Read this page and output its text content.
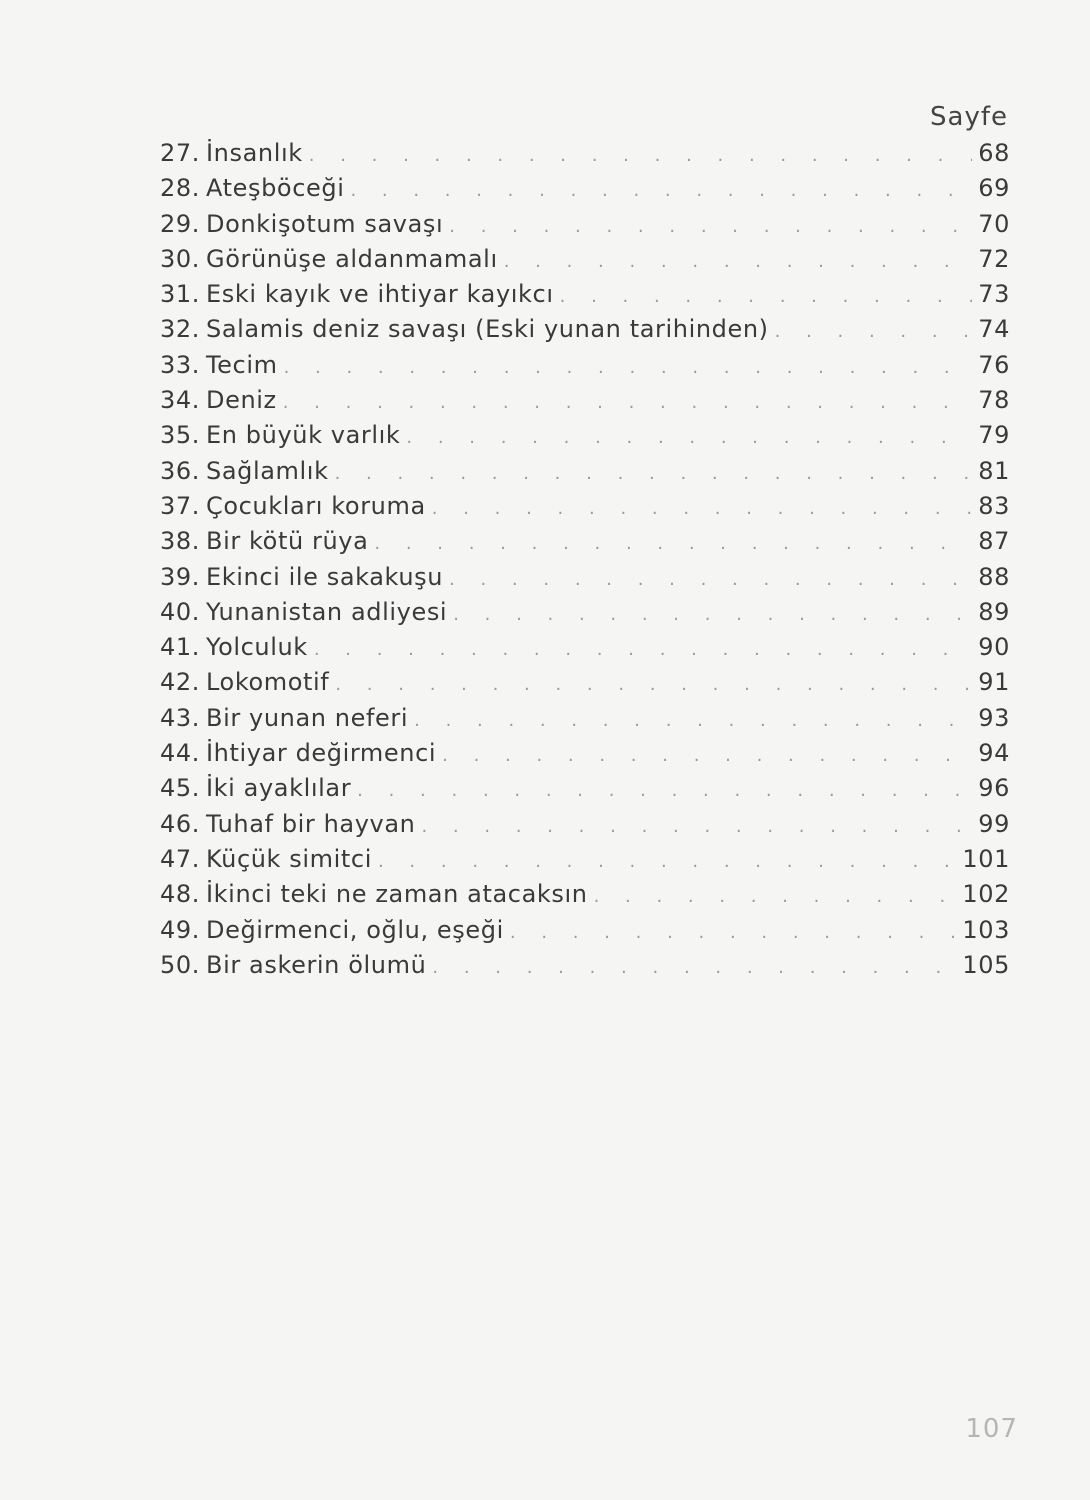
Sayfe
27. İnsanlık . . .	68
28. Ateşböceği . . .	69
29. Donkişotum savaşı . . .	70
30. Görünüşe aldanmamalı . . .	72
31. Eski kayık ve ihtiyar kayıkcı . . .	73
32. Salamis deniz savaşı (Eski yunan tarihinden) . . .	74
33. Tecim . . .	76
34. Deniz . . .	78
35. En büyük varlık . . .	79
36. Sağlamlık . . .	81
37. Çocukları koruma . . .	83
38. Bir kötü rüya . . .	87
39. Ekinci ile sakakuşu . . .	88
40. Yunanistan adliyesi . . .	89
41. Yolculuk . . .	90
42. Lokomotif . . .	91
43. Bir yunan neferi . . .	93
44. İhtiyar değirmenci . . .	94
45. İki ayaklılar . . .	96
46. Tuhaf bir hayvan . . .	99
47. Küçük simitci . . .	101
48. İkinci teki ne zaman atacaksın . . .	102
49. Değirmenci, oğlu, eşeği . . .	103
50. Bir askerin ölumü . . .	105
107
